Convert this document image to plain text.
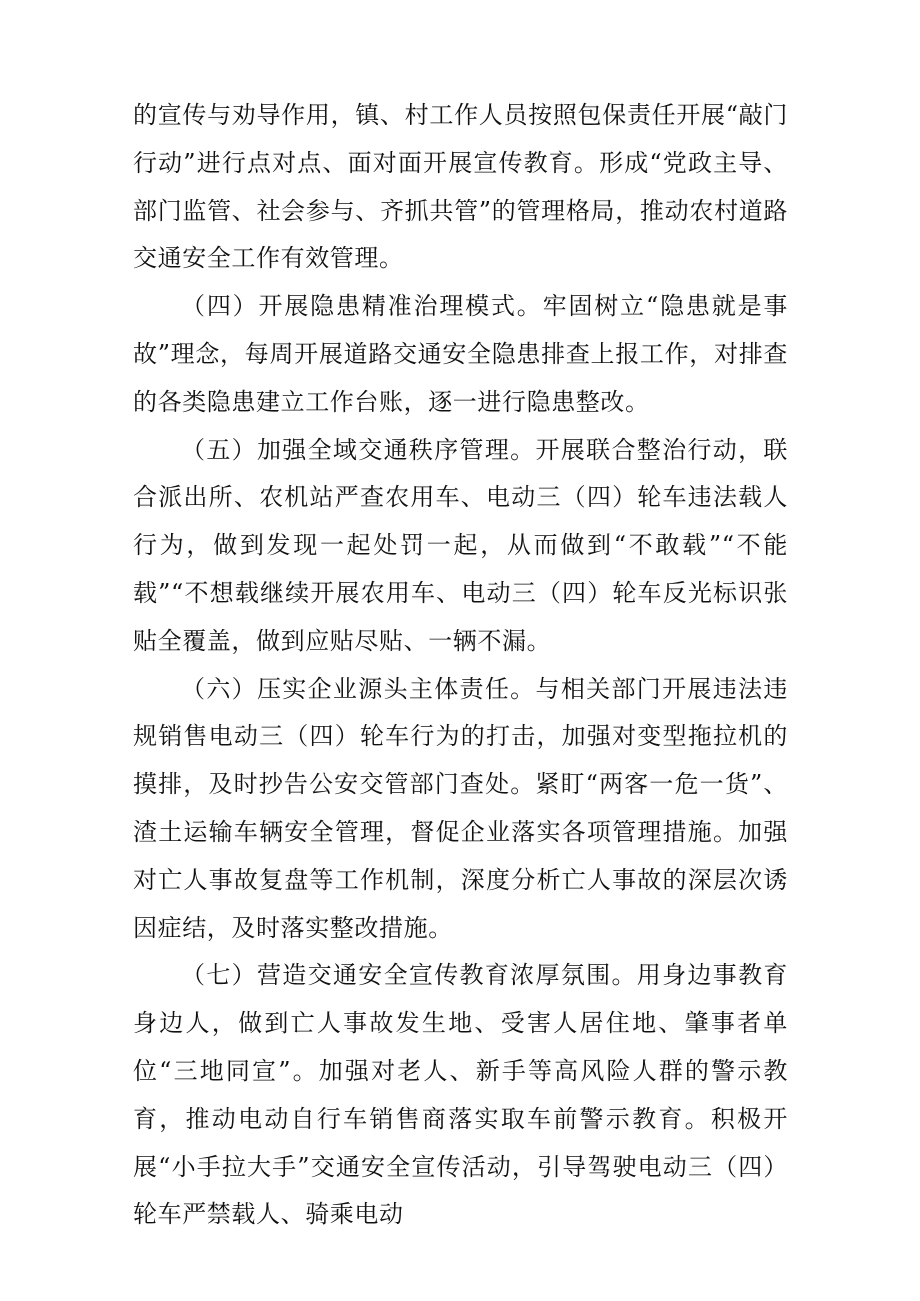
的宣传与劝导作用，镇、村工作人员按照包保责任开展“敲门行动”进行点对点、面对面开展宣传教育。形成“党政主导、部门监管、社会参与、齐抓共管”的管理格局，推动农村道路交通安全工作有效管理。

（四）开展隐患精准治理模式。牢固树立“隐患就是事故”理念，每周开展道路交通安全隐患排查上报工作，对排查的各类隐患建立工作台账，逐一进行隐患整改。

（五）加强全域交通秩序管理。开展联合整治行动，联合派出所、农机站严查农用车、电动三（四）轮车违法载人行为，做到发现一起处罚一起，从而做到“不敢载”“不能载”“不想载继续开展农用车、电动三（四）轮车反光标识张贴全覆盖，做到应贴尽贴、一辆不漏。

（六）压实企业源头主体责任。与相关部门开展违法违规销售电动三（四）轮车行为的打击，加强对变型拖拉机的摸排，及时抄告公安交管部门查处。紧盯“两客一危一货”、渣土运输车辆安全管理，督促企业落实各项管理措施。加强对亡人事故复盘等工作机制，深度分析亡人事故的深层次诱因症结，及时落实整改措施。

（七）营造交通安全宣传教育浓厚氛围。用身边事教育身边人，做到亡人事故发生地、受害人居住地、肇事者单位“三地同宣”。加强对老人、新手等高风险人群的警示教育，推动电动自行车销售商落实取车前警示教育。积极开展“小手拉大手”交通安全宣传活动，引导驾驶电动三（四）轮车严禁载人、骑乘电动
